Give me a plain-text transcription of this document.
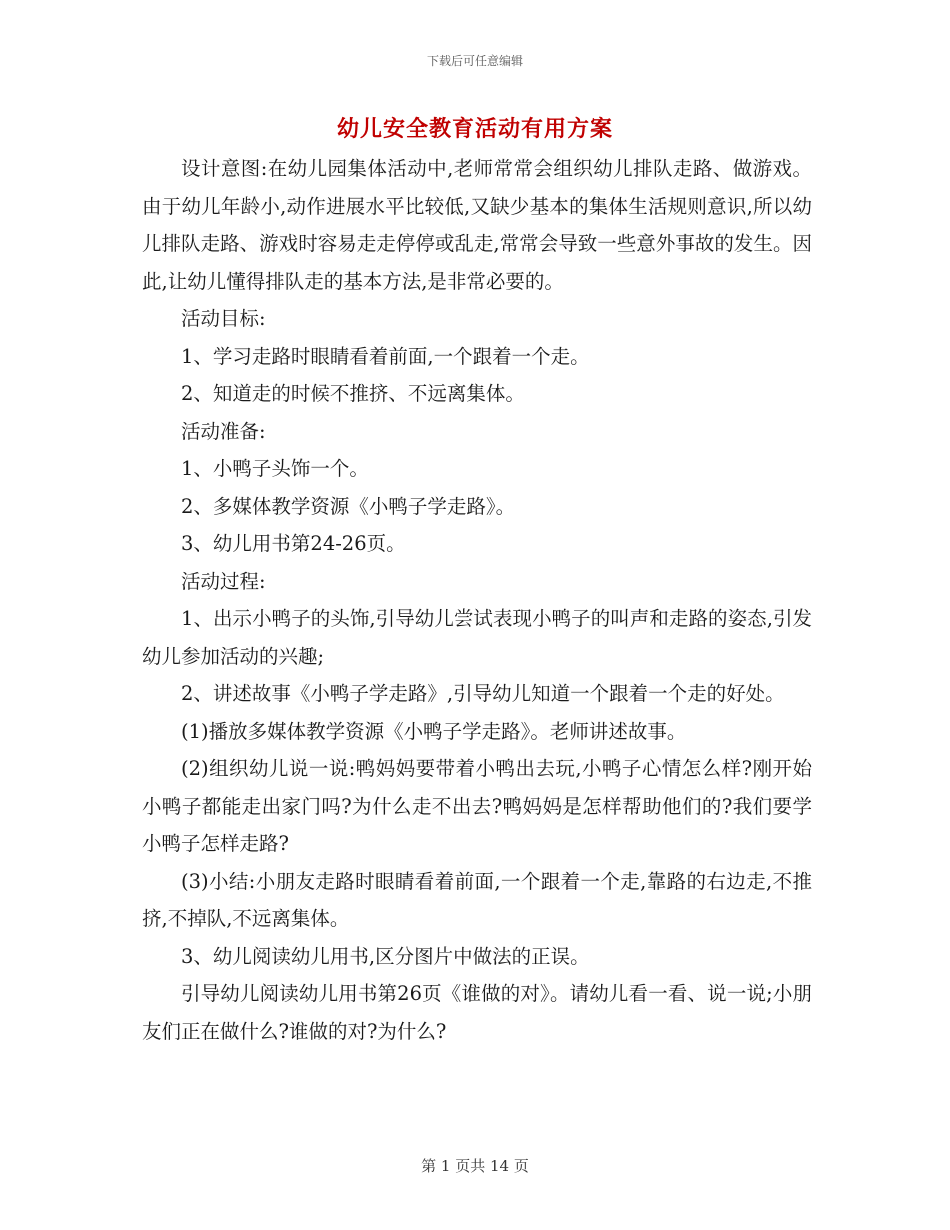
下载后可任意编辑
幼儿安全教育活动有用方案

设计意图:在幼儿园集体活动中,老师常常会组织幼儿排队走路、做游戏。由于幼儿年龄小,动作进展水平比较低,又缺少基本的集体生活规则意识,所以幼儿排队走路、游戏时容易走走停停或乱走,常常会导致一些意外事故的发生。因此,让幼儿懂得排队走的基本方法,是非常必要的。

活动目标:

1、学习走路时眼睛看着前面,一个跟着一个走。

2、知道走的时候不推挤、不远离集体。

活动准备:

1、小鸭子头饰一个。

2、多媒体教学资源《小鸭子学走路》。

3、幼儿用书第24-26页。

活动过程:

1、出示小鸭子的头饰,引导幼儿尝试表现小鸭子的叫声和走路的姿态,引发幼儿参加活动的兴趣;

2、讲述故事《小鸭子学走路》,引导幼儿知道一个跟着一个走的好处。

(1)播放多媒体教学资源《小鸭子学走路》。老师讲述故事。

(2)组织幼儿说一说:鸭妈妈要带着小鸭出去玩,小鸭子心情怎么样?刚开始小鸭子都能走出家门吗?为什么走不出去?鸭妈妈是怎样帮助他们的?我们要学小鸭子怎样走路?

(3)小结:小朋友走路时眼睛看着前面,一个跟着一个走,靠路的右边走,不推挤,不掉队,不远离集体。

3、幼儿阅读幼儿用书,区分图片中做法的正误。

引导幼儿阅读幼儿用书第26页《谁做的对》。请幼儿看一看、说一说;小朋友们正在做什么?谁做的对?为什么?

第 1 页共 14 页
